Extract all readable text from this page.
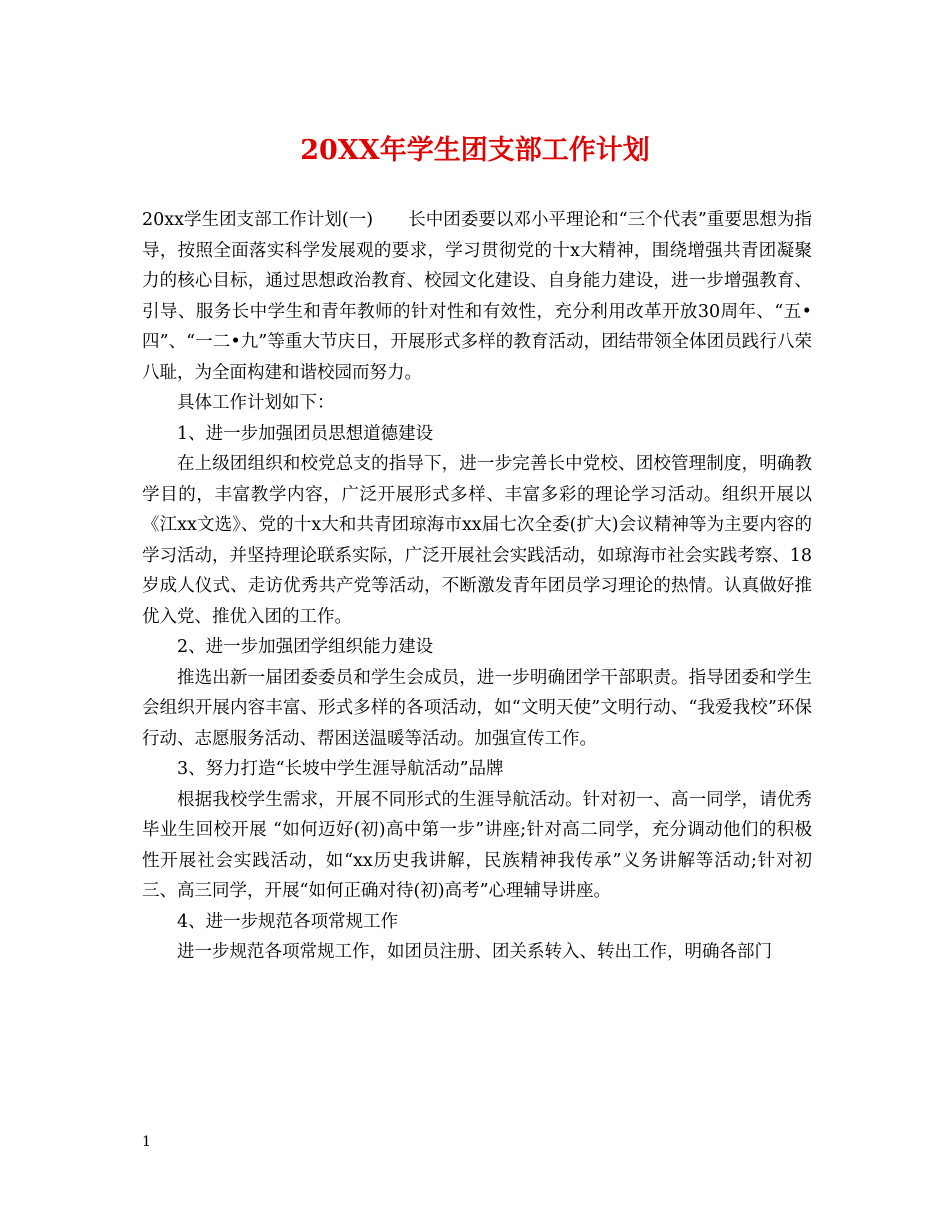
20XX年学生团支部工作计划

20xx学生团支部工作计划(一)　　长中团委要以邓小平理论和“三个代表”重要思想为指导，按照全面落实科学发展观的要求，学习贯彻党的十x大精神，围绕增强共青团凝聚力的核心目标，通过思想政治教育、校园文化建设、自身能力建设，进一步增强教育、引导、服务长中学生和青年教师的针对性和有效性，充分利用改革开放30周年、“五•四”、“一二•九”等重大节庆日，开展形式多样的教育活动，团结带领全体团员践行八荣八耻，为全面构建和谐校园而努力。

具体工作计划如下：

1、进一步加强团员思想道德建设

在上级团组织和校党总支的指导下，进一步完善长中党校、团校管理制度，明确教学目的，丰富教学内容，广泛开展形式多样、丰富多彩的理论学习活动。组织开展以《江xx文选》、党的十x大和共青团琼海市xx届七次全委(扩大)会议精神等为主要内容的学习活动，并坚持理论联系实际，广泛开展社会实践活动，如琼海市社会实践考察、18岁成人仪式、走访优秀共产党等活动，不断激发青年团员学习理论的热情。认真做好推优入党、推优入团的工作。

2、进一步加强团学组织能力建设

推选出新一届团委委员和学生会成员，进一步明确团学干部职责。指导团委和学生会组织开展内容丰富、形式多样的各项活动，如“文明天使”文明行动、“我爱我校”环保行动、志愿服务活动、帮困送温暖等活动。加强宣传工作。

3、努力打造“长坡中学生涯导航活动”品牌

根据我校学生需求，开展不同形式的生涯导航活动。针对初一、高一同学，请优秀毕业生回校开展 “如何迈好(初)高中第一步”讲座;针对高二同学，充分调动他们的积极性开展社会实践活动，如“xx历史我讲解，民族精神我传承”义务讲解等活动;针对初三、高三同学，开展“如何正确对待(初)高考”心理辅导讲座。

4、进一步规范各项常规工作

进一步规范各项常规工作，如团员注册、团关系转入、转出工作，明确各部门

1
